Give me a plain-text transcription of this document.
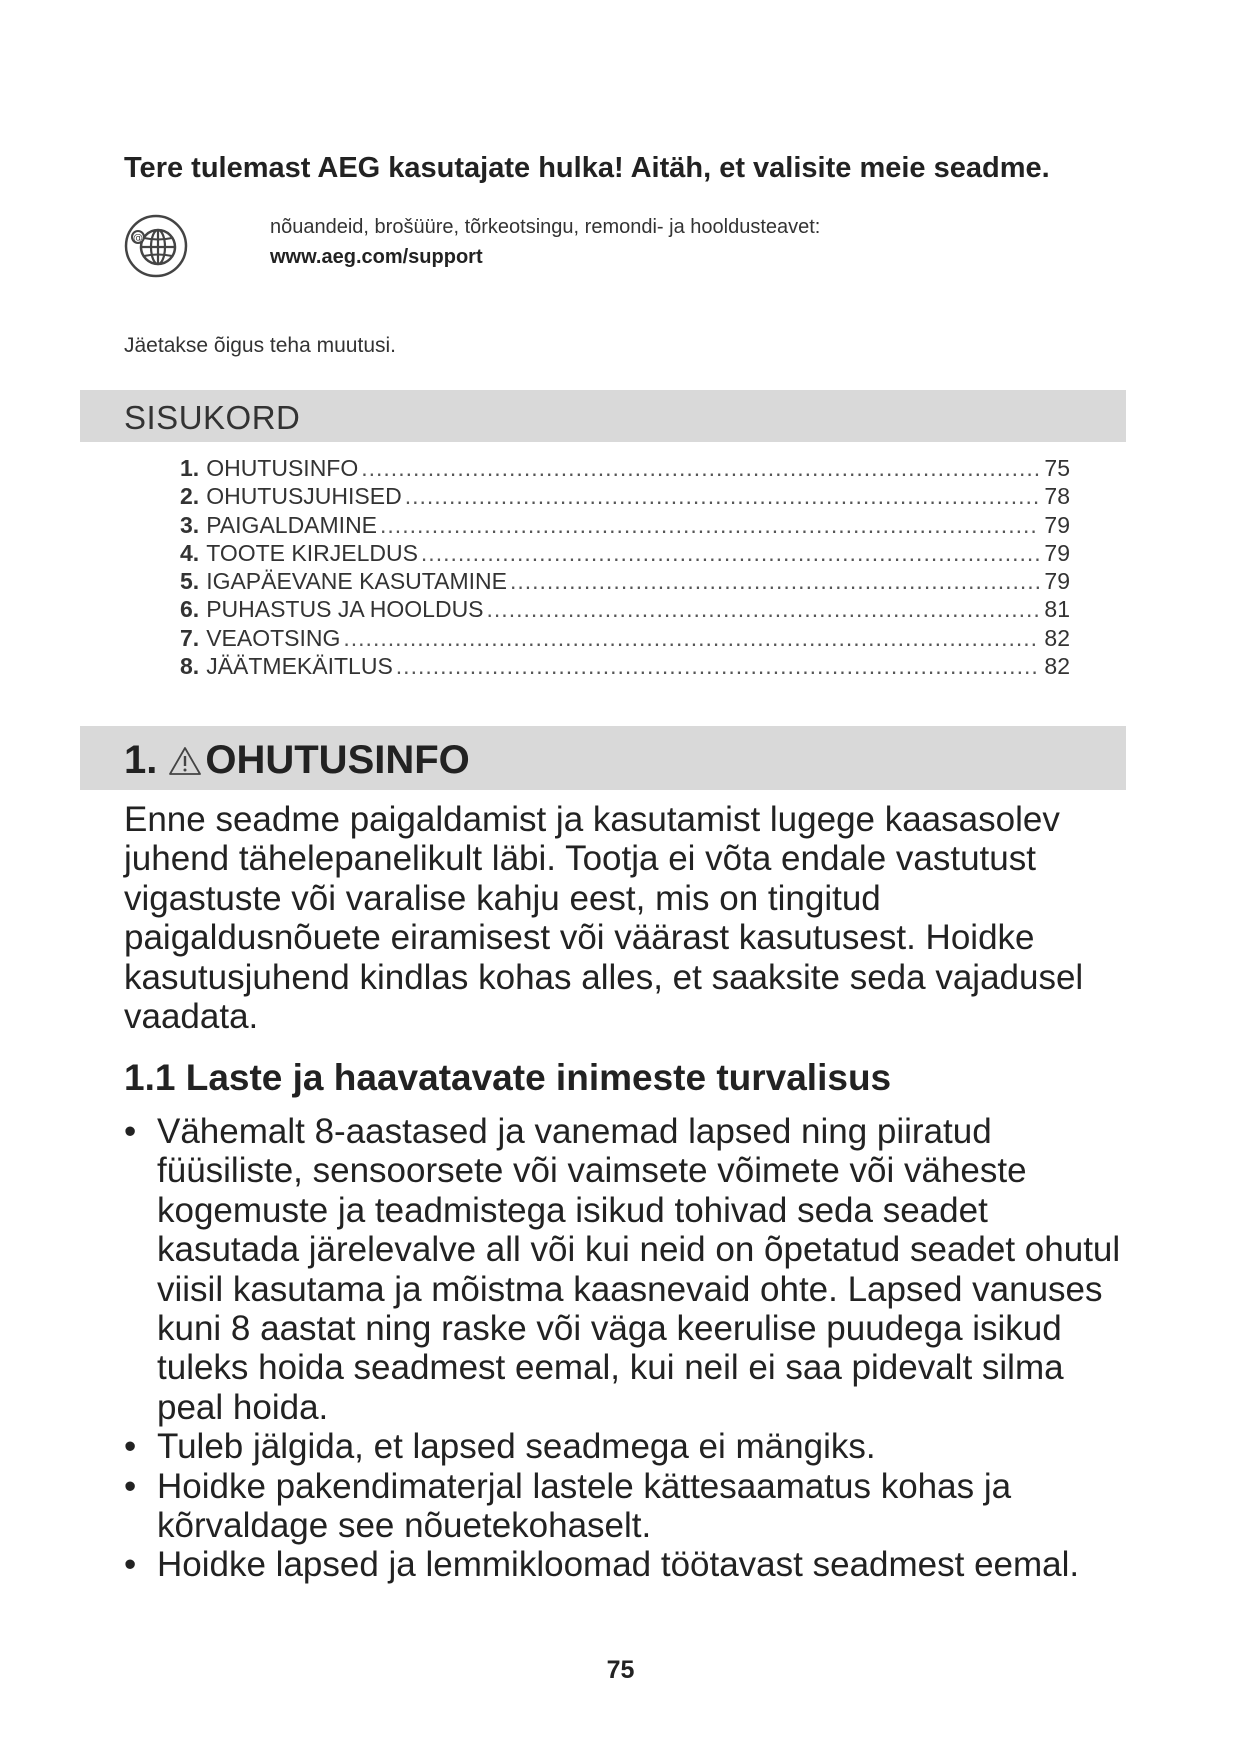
Tere tulemast AEG kasutajate hulka! Aitäh, et valisite meie seadme.
@
nõuandeid, brošüüre, tõrkeotsingu, remondi- ja hooldusteavet:
www.aeg.com/support
Jäetakse õigus teha muutusi.
SISUKORD
1. OHUTUSINFO .....	75
2. OHUTUSJUHISED .....	78
3. PAIGALDAMINE .....	79
4. TOOTE KIRJELDUS .....	79
5. IGAPÄEVANE KASUTAMINE .....	79
6. PUHASTUS JA HOOLDUS .....	81
7. VEAOTSING .....	82
8. JÄÄTMEKÄITLUS .....	82
1. OHUTUSINFO

Enne seadme paigaldamist ja kasutamist lugege kaasasolev juhend tähelepanelikult läbi. Tootja ei võta endale vastutust vigastuste või varalise kahju eest, mis on tingitud paigaldusnõuete eiramisest või väärast kasutusest. Hoidke kasutusjuhend kindlas kohas alles, et saaksite seda vajadusel vaadata.

1.1 Laste ja haavatavate inimeste turvalisus
• Vähemalt 8-aastased ja vanemad lapsed ning piiratud füüsiliste, sensoorsete või vaimsete võimete või väheste kogemuste ja teadmistega isikud tohivad seda seadet kasutada järelevalve all või kui neid on õpetatud seadet ohutul viisil kasutama ja mõistma kaasnevaid ohte. Lapsed vanuses kuni 8 aastat ning raske või väga keerulise puudega isikud tuleks hoida seadmest eemal, kui neil ei saa pidevalt silma peal hoida.
• Tuleb jälgida, et lapsed seadmega ei mängiks.
• Hoidke pakendimaterjal lastele kättesaamatus kohas ja kõrvaldage see nõuetekohaselt.
• Hoidke lapsed ja lemmikloomad töötavast seadmest eemal.
75
